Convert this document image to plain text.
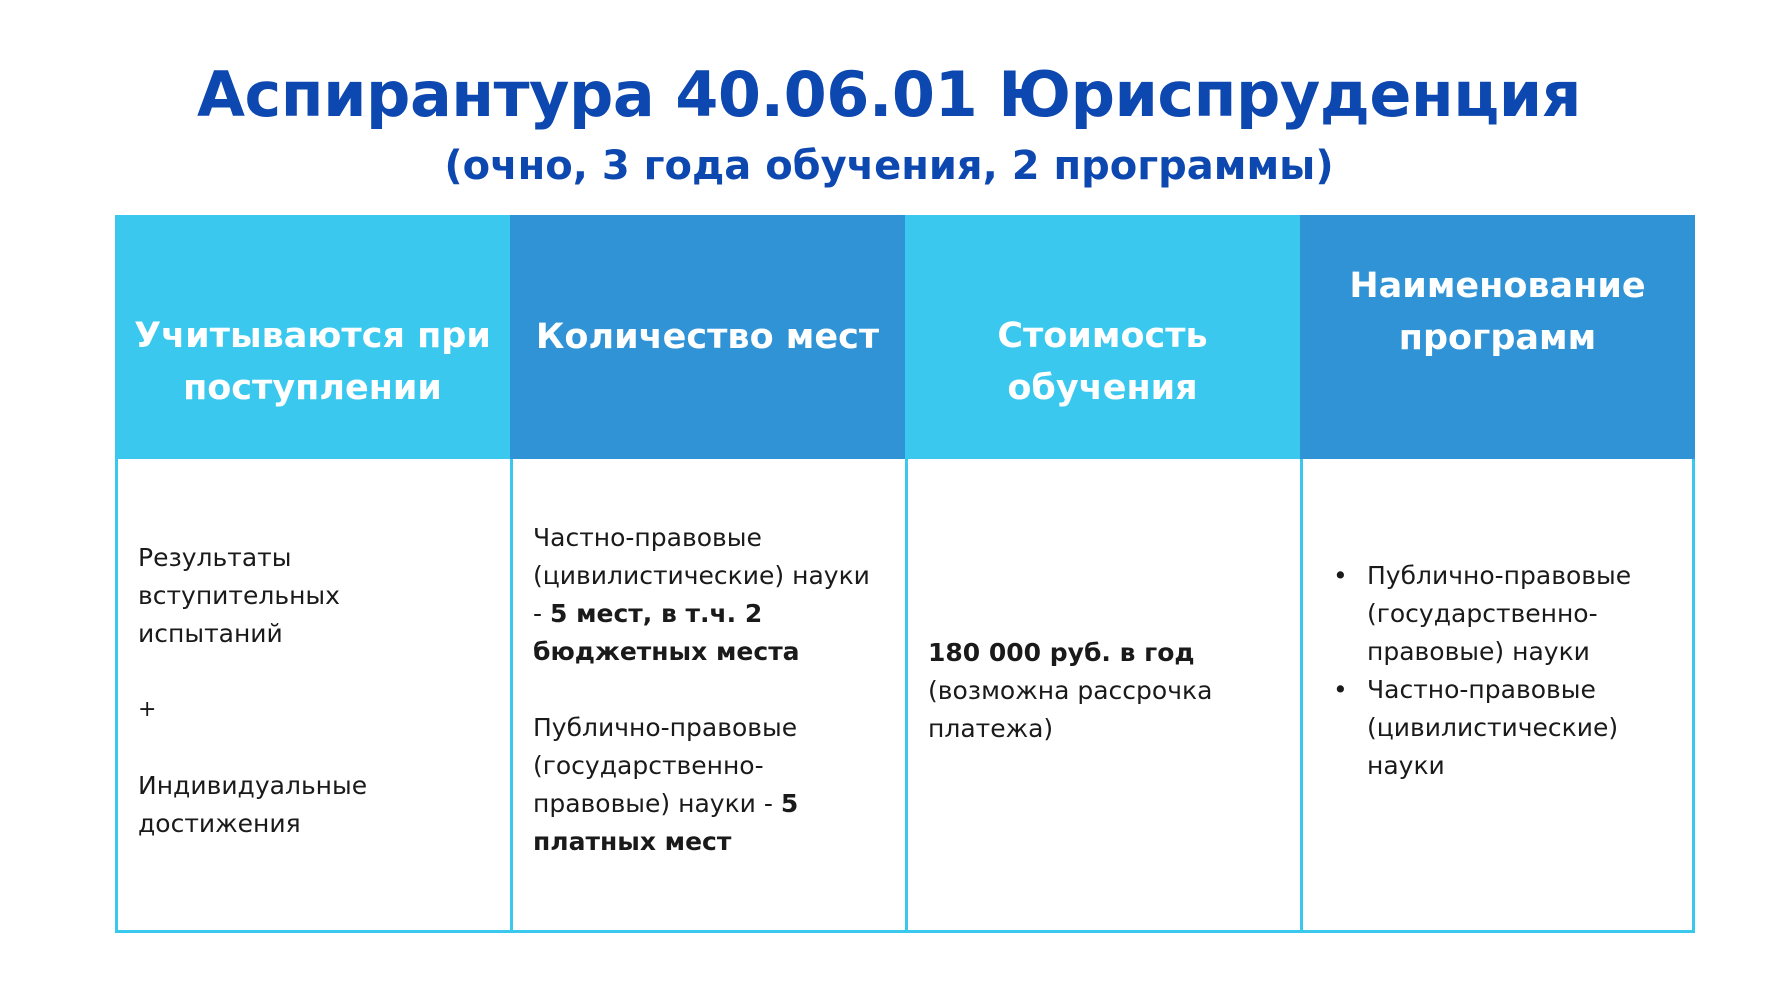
Аспирантура 40.06.01 Юриспруденция
(очно, 3 года обучения, 2 программы)
Учитываются при поступлении
Результаты
вступительных
испытаний
+
Индивидуальные
достижения
Количество мест
Частно-правовые
(цивилистические) науки
- 5 мест, в т.ч. 2
бюджетных места
Публично-правовые
(государственно-
правовые) науки - 5
платных мест
Стоимость обучения
180 000 руб. в год
(возможна рассрочка
платежа)
Наименование программ
• Публично-правовые
(государственно-
правовые) науки
• Частно-правовые
(цивилистические)
науки
